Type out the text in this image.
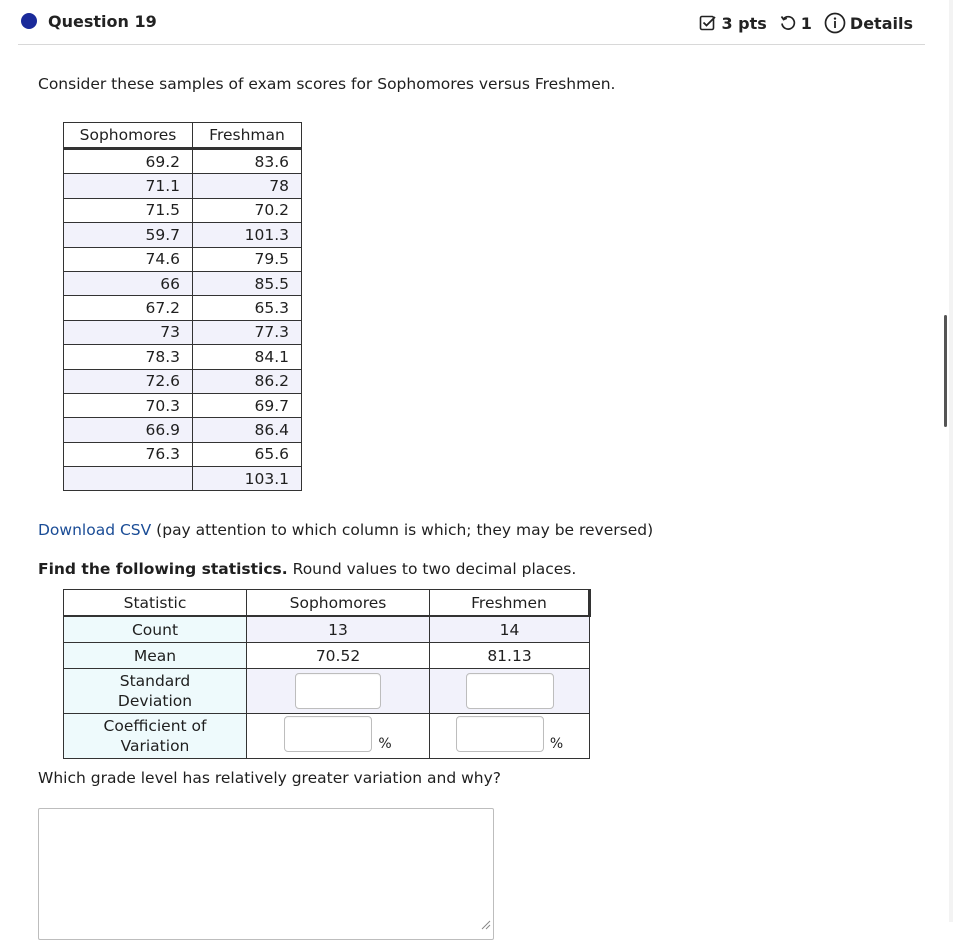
Question 19	3 pts 1 Details
Consider these samples of exam scores for Sophomores versus Freshmen.
Sophomores	Freshman
69.2	83.6
71.1	78
71.5	70.2
59.7	101.3
74.6	79.5
66	85.5
67.2	65.3
73	77.3
78.3	84.1
72.6	86.2
70.3	69.7
66.9	86.4
76.3	65.6
	103.1
Download CSV (pay attention to which column is which; they may be reversed)
Find the following statistics. Round values to two decimal places.
Statistic	Sophomores	Freshmen
Count	13	14
Mean	70.52	81.13

Standard
Deviation		

Coefficient of
Variation	%	%
Which grade level has relatively greater variation and why?
